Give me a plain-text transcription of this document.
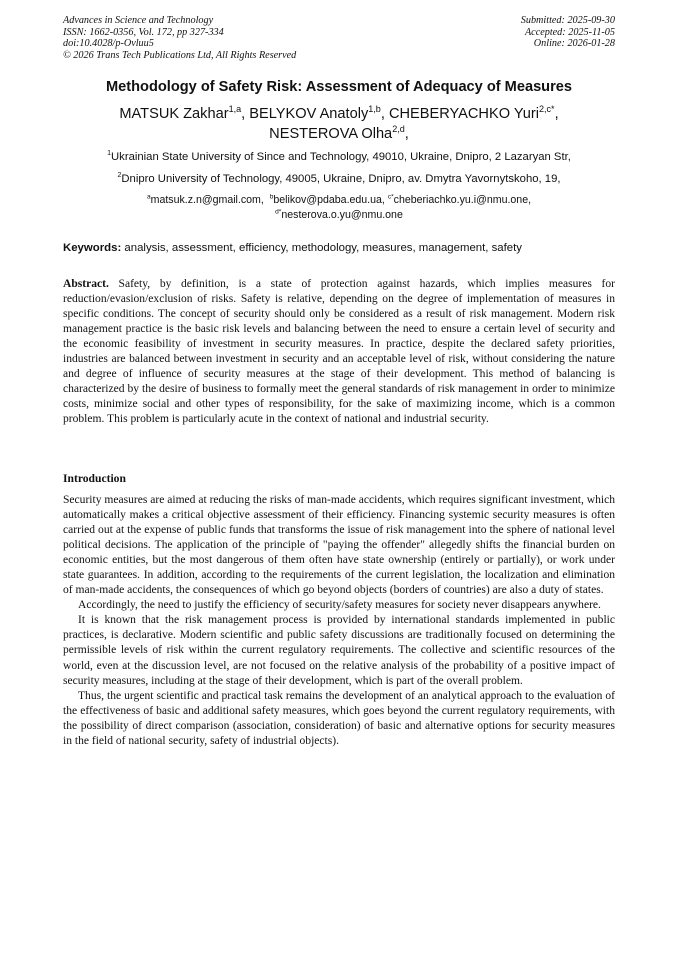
Advances in Science and Technology
ISSN: 1662-0356, Vol. 172, pp 327-334
doi:10.4028/p-Ovluu5
© 2026 Trans Tech Publications Ltd, All Rights Reserved
Submitted: 2025-09-30
Accepted: 2025-11-05
Online: 2026-01-28
Methodology of Safety Risk: Assessment of Adequacy of Measures
MATSUK Zakhar$^{1,a}$, BELYKOV Anatoly$^{1,b}$, CHEBERYACHKO Yuri$^{2,c*}$,
NESTEROVA Olha$^{2,d}$,
$^1$Ukrainian State University of Since and Technology, 49010, Ukraine, Dnipro, 2 Lazaryan Str,
$^2$Dnipro University of Technology, 49005, Ukraine, Dnipro, av. Dmytra Yavornytskoho, 19,
$^a$matsuk.z.n@gmail.com, $^b$belikov@pdaba.edu.ua, $^{c*}$cheberiachko.yu.i@nmu.one,
$^{d*}$nesterova.o.yu@nmu.one
Keywords: analysis, assessment, efficiency, methodology, measures, management, safety
Abstract. Safety, by definition, is a state of protection against hazards, which implies measures for reduction/evasion/exclusion of risks. Safety is relative, depending on the degree of implementation of measures in specific conditions. The concept of security should only be considered as a result of risk management. Modern risk management practice is the basic risk levels and balancing between the need to ensure a certain level of security and the economic feasibility of investment in security measures. In practice, despite the declared safety priorities, industries are balanced between investment in security and an acceptable level of risk, without considering the nature and degree of influence of security measures at the stage of their development. This method of balancing is characterized by the desire of business to formally meet the general standards of risk management in order to minimize costs, minimize social and other types of responsibility, for the sake of maximizing income, which is a common problem. This problem is particularly acute in the context of national and industrial security.
Introduction

Security measures are aimed at reducing the risks of man-made accidents, which requires significant investment, which automatically makes a critical objective assessment of their efficiency. Financing systemic security measures is often carried out at the expense of public funds that transforms the issue of risk management into the sphere of national level political decisions. The application of the principle of "paying the offender" allegedly shifts the financial burden on economic entities, but the most dangerous of them often have state ownership (entirely or partially), or work under state guarantees. In addition, according to the requirements of the current legislation, the localization and elimination of man-made accidents, the consequences of which go beyond objects (borders of countries) are also a duty of states.

Accordingly, the need to justify the efficiency of security/safety measures for society never disappears anywhere.

It is known that the risk management process is provided by international standards implemented in public practices, is declarative. Modern scientific and public safety discussions are traditionally focused on determining the permissible levels of risk within the current regulatory requirements. The collective and scientific resources of the world, even at the discussion level, are not focused on the relative analysis of the probability of a positive impact of security measures, including at the stage of their development, which is part of the overall problem.

Thus, the urgent scientific and practical task remains the development of an analytical approach to the evaluation of the effectiveness of basic and additional safety measures, which goes beyond the current regulatory requirements, with the possibility of direct comparison (association, consideration) of basic and alternative options for security measures in the field of national security, safety of industrial objects).
